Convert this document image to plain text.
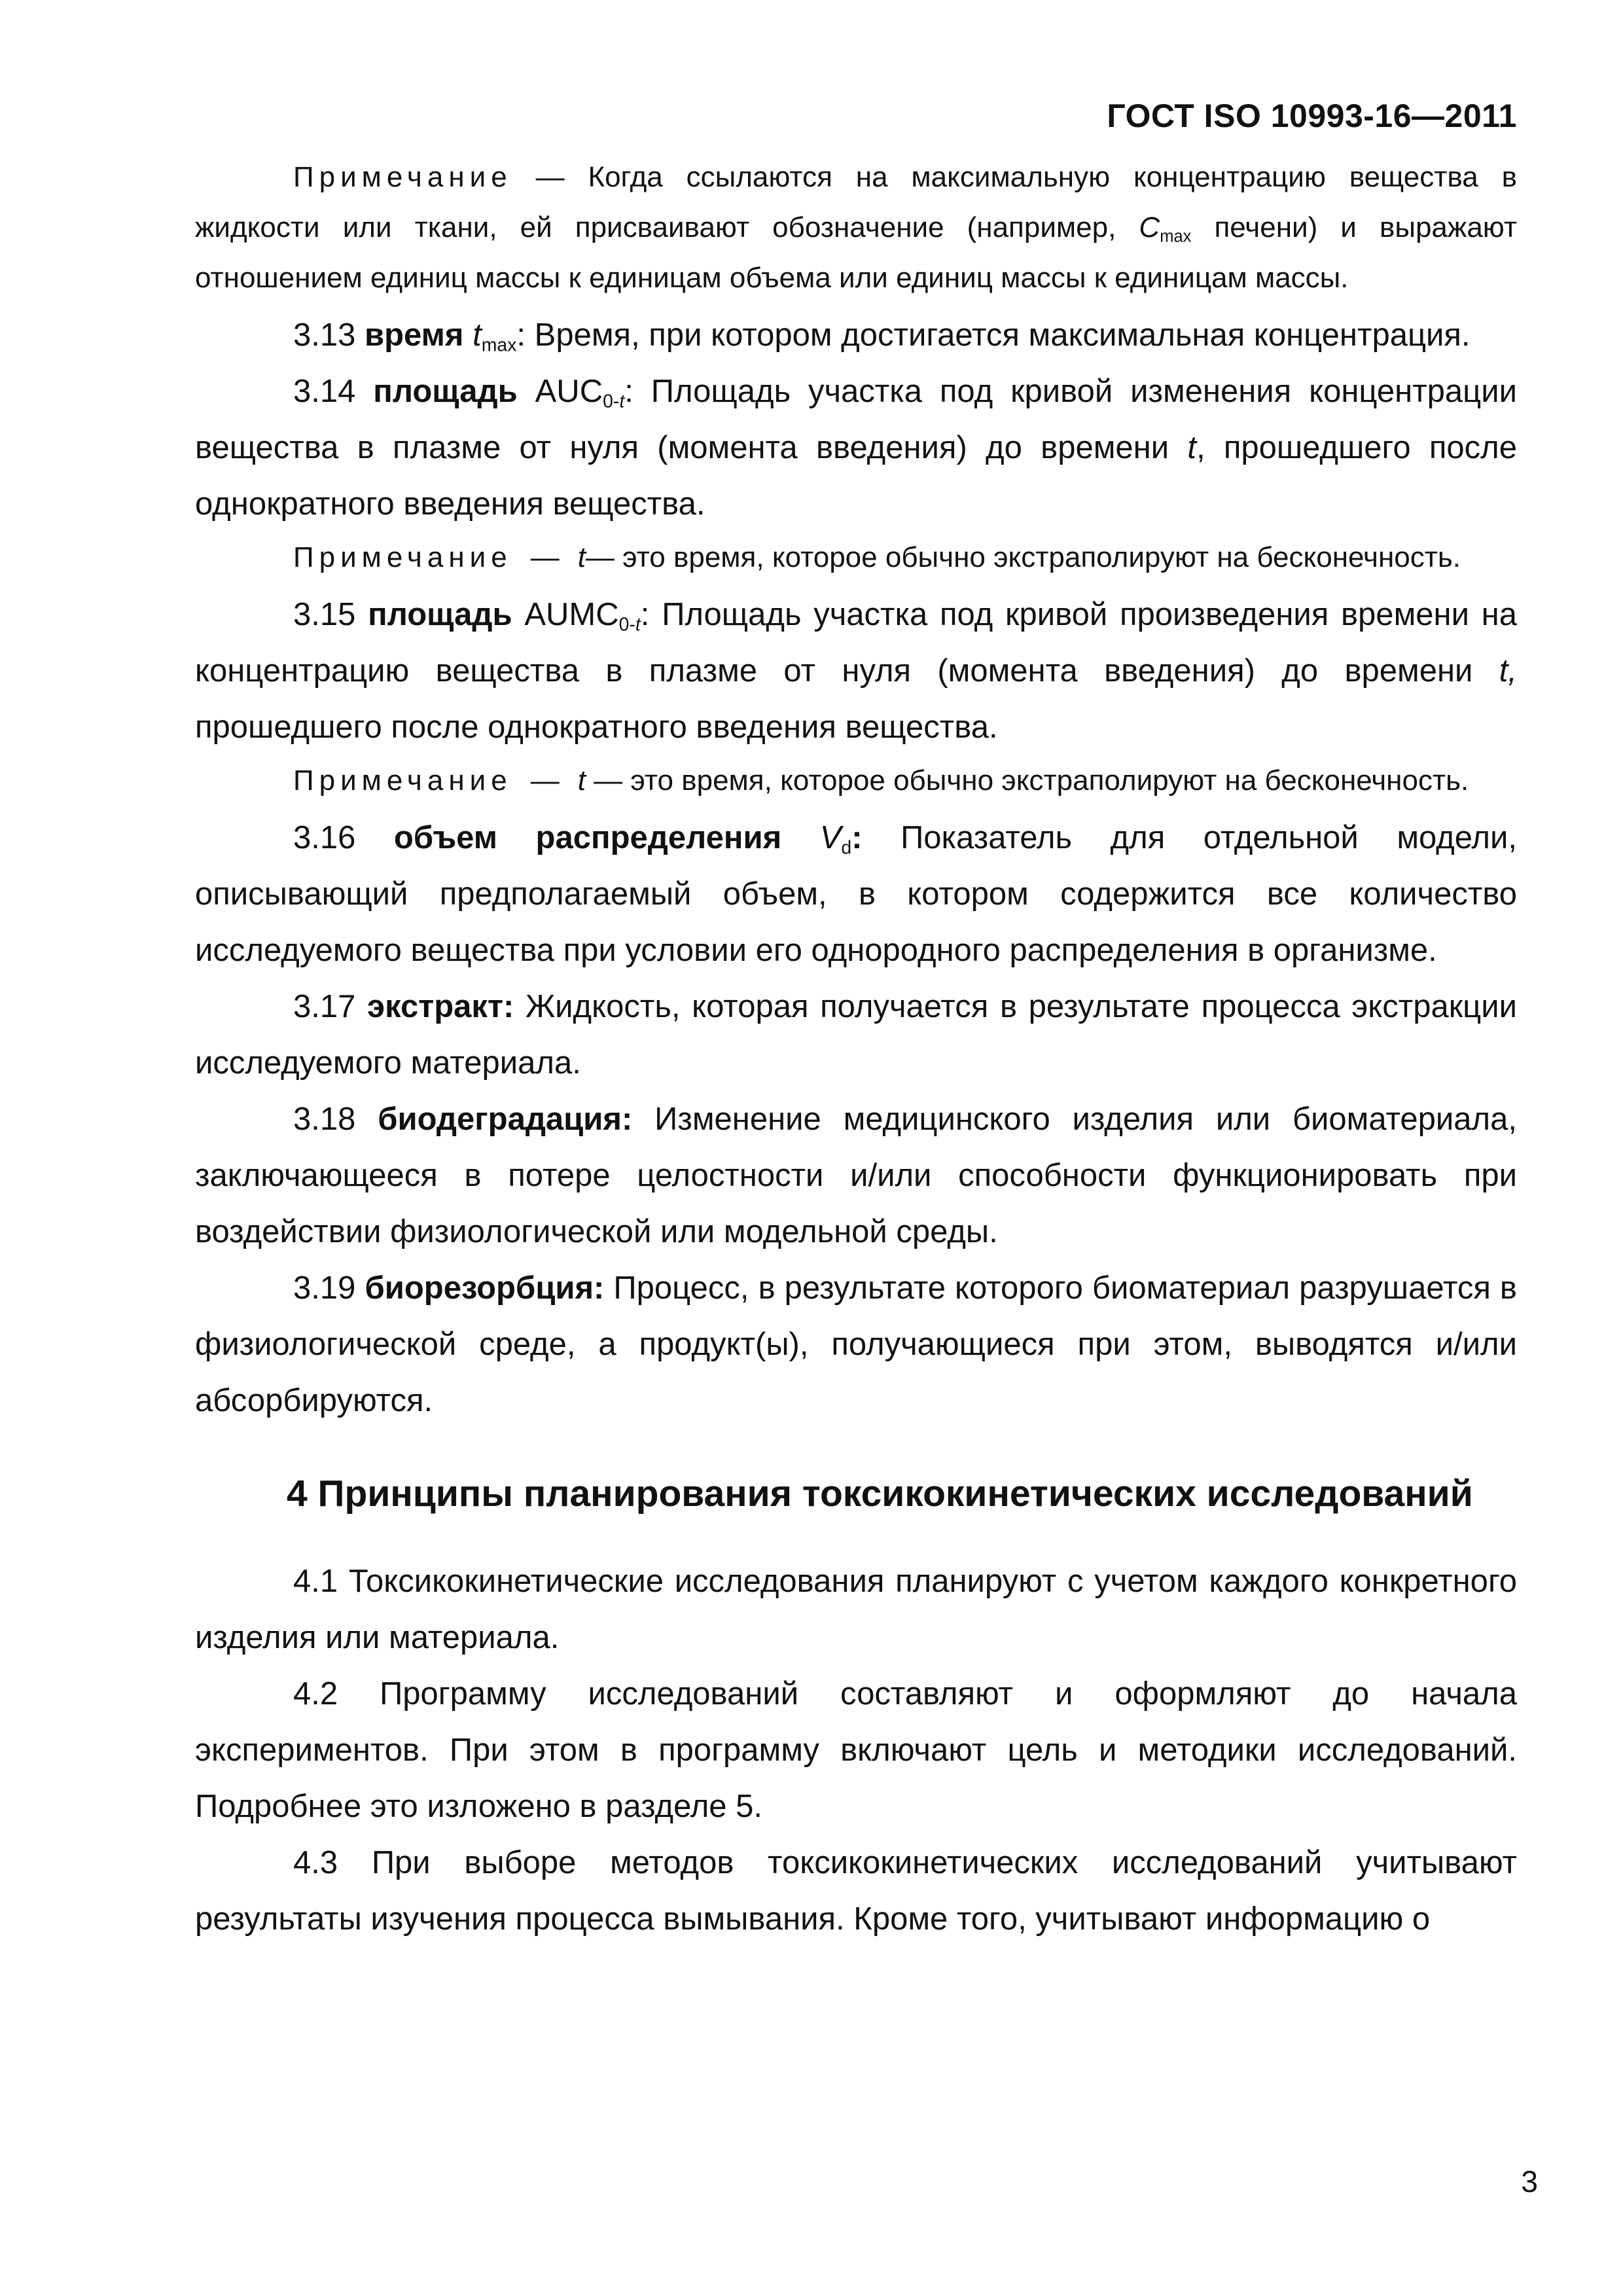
ГОСТ ISO 10993-16—2011

Примечание — Когда ссылаются на максимальную концентрацию вещества в жидкости или ткани, ей присваивают обозначение (например, $C_{max}$ печени) и выражают отношением единиц массы к единицам объема или единиц массы к единицам массы.

3.13 время $t_{max}$: Время, при котором достигается максимальная концентрация.

3.14 площадь $AUC_{0-t}$: Площадь участка под кривой изменения концентрации вещества в плазме от нуля (момента введения) до времени t, прошедшего после однократного введения вещества.

Примечание — t— это время, которое обычно экстраполируют на бесконечность.

3.15 площадь $AUMC_{0-t}$: Площадь участка под кривой произведения времени на концентрацию вещества в плазме от нуля (момента введения) до времени t, прошедшего после однократного введения вещества.

Примечание — t — это время, которое обычно экстраполируют на бесконечность.

3.16 объем распределения $V_d$: Показатель для отдельной модели, описывающий предполагаемый объем, в котором содержится все количество исследуемого вещества при условии его однородного распределения в организме.

3.17 экстракт: Жидкость, которая получается в результате процесса экстракции исследуемого материала.

3.18 биодеградация: Изменение медицинского изделия или биоматериала, заключающееся в потере целостности и/или способности функционировать при воздействии физиологической или модельной среды.

3.19 биорезорбция: Процесс, в результате которого биоматериал разрушается в физиологической среде, а продукт(ы), получающиеся при этом, выводятся и/или абсорбируются.

4 Принципы планирования токсикокинетических исследований

4.1 Токсикокинетические исследования планируют с учетом каждого конкретного изделия или материала.

4.2 Программу исследований составляют и оформляют до начала экспериментов. При этом в программу включают цель и методики исследований. Подробнее это изложено в разделе 5.

4.3 При выборе методов токсикокинетических исследований учитывают результаты изучения процесса вымывания. Кроме того, учитывают информацию о

3
